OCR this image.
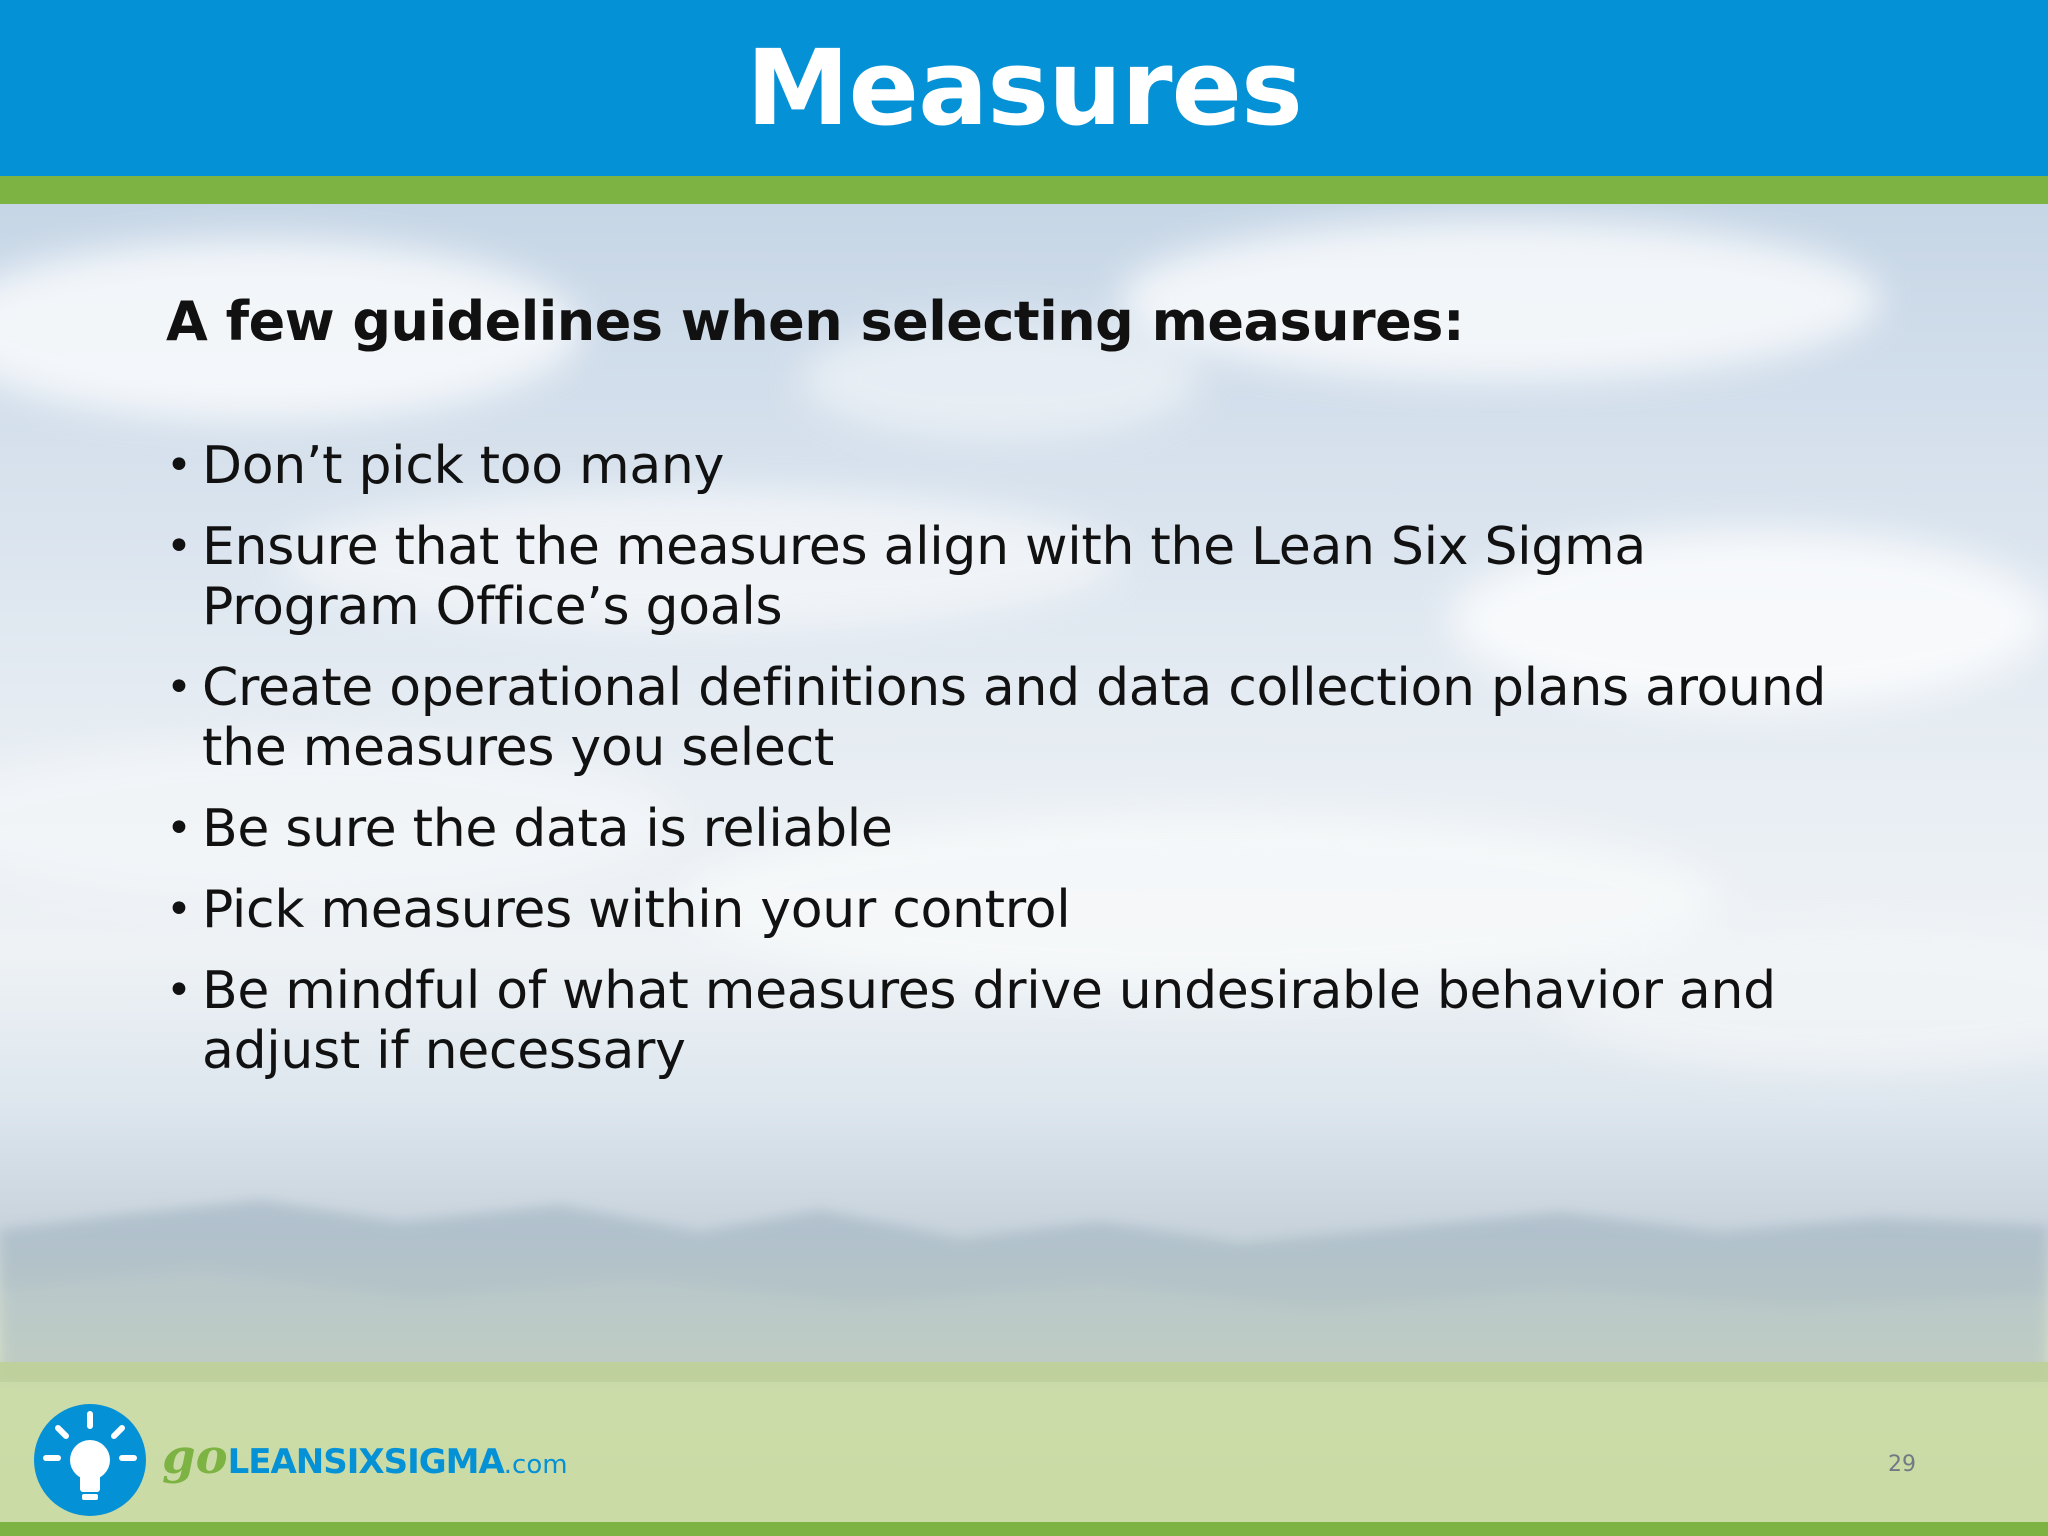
Measures
A few guidelines when selecting measures:
• Don’t pick too many
• Ensure that the measures align with the Lean Six Sigma Program Office’s goals
• Create operational definitions and data collection plans around the measures you select
• Be sure the data is reliable
• Pick measures within your control
• Be mindful of what measures drive undesirable behavior and adjust if necessary
goLEANSIXSIGMA.com	29
